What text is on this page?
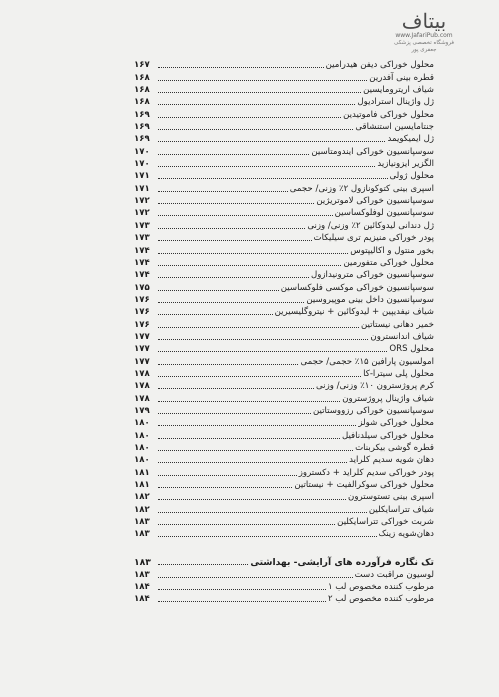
بیتاف
www.JafariPub.com
فروشگاه تخصصی پزشکی جعفری پور
محلول خوراکی دیفن هیدرامین
۱۶۷
قطره بینی آفدرین
۱۶۸
شیاف اریترومایسین
۱۶۸
ژل واژینال استرادیول
۱۶۸
محلول خوراکی فاموتیدین
۱۶۹
جنتامایسین استنشاقی
۱۶۹
ژل ایمیکویمد
۱۶۹
سوسپانسیون خوراکی ایندومتاسین
۱۷۰
الگزیر ایزونیازید
۱۷۰
محلول ژولی
۱۷۱
اسپری بینی کتوکونازول ۲٪ وزنی/ حجمی
۱۷۱
سوسپانسیون خوراکی لاموتریژین
۱۷۲
سوسپانسیون لوفلوکساسین
۱۷۲
ژل دندانی لیدوکائین ۲٪ وزنی/ وزنی
۱۷۳
پودر خوراکی منیزیم تری سیلیکات
۱۷۳
بخور منتول و اکالیپتوس
۱۷۴
محلول خوراکی متفورمین
۱۷۴
سوسپانسیون خوراکی مترونیدازول
۱۷۴
سوسپانسیون خوراکی موکسی فلوکساسین
۱۷۵
سوسپانسیون داخل بینی موپیروسین
۱۷۶
شیاف نیفدیپین + لیدوکائین + نیتروگلیسیرین
۱۷۶
خمیر دهانی نیستاتین
۱۷۶
شیاف اندانسترون
۱۷۷
محلول ORS
۱۷۷
امولسیون پارافین ۱۵٪ حجمی/ حجمی
۱۷۷
محلول پلی سیترا-کا
۱۷۸
کرم پروژسترون ۱۰٪ وزنی/ وزنی
۱۷۸
شیاف واژینال پروژسترون
۱۷۸
سوسپانسیون خوراکی رزووستاتین
۱۷۹
محلول خوراکی شولز
۱۸۰
محلول خوراکی سیلدنافیل
۱۸۰
قطره گوشی بیکربنات
۱۸۰
دهان شویه سدیم کلراید
۱۸۰
پودر خوراکی سدیم کلراید + دکستروز
۱۸۱
محلول خوراکی سوکرالفیت + نیستاتین
۱۸۱
اسپری بینی تستوسترون
۱۸۲
شیاف تتراسایکلین
۱۸۲
شربت خوراکی تتراسایکلین
۱۸۳
دهان‌شویه زینک
۱۸۳
تک نگاره فرآورده های آرایشی- بهداشتی
۱۸۳
لوسیون مراقبت دست
۱۸۳
مرطوب کننده مخصوص لب ۱
۱۸۴
مرطوب کننده مخصوص لب ۲
۱۸۴
